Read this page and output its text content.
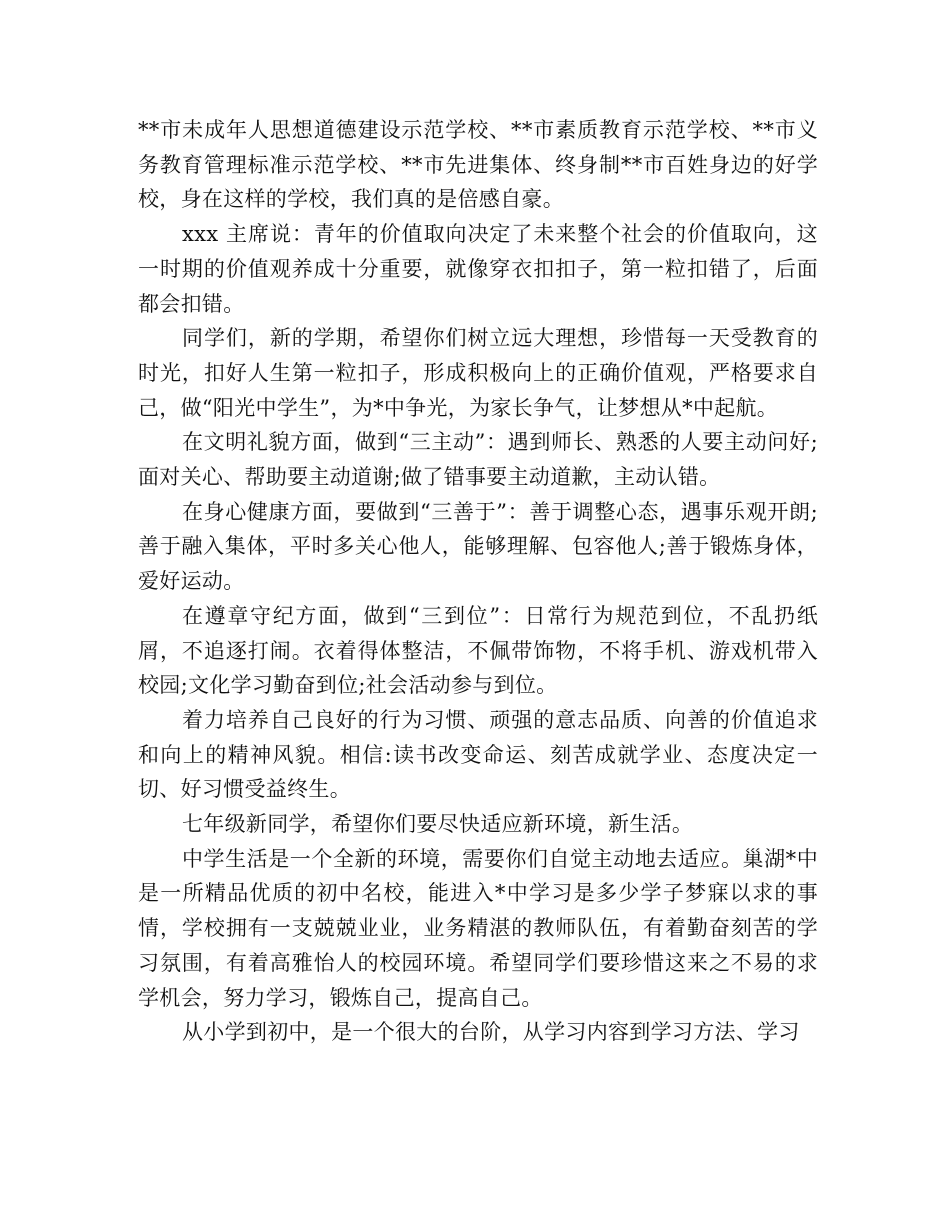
**市未成年人思想道德建设示范学校、**市素质教育示范学校、**市义务教育管理标准示范学校、**市先进集体、终身制**市百姓身边的好学校，身在这样的学校，我们真的是倍感自豪。

xxx 主席说：青年的价值取向决定了未来整个社会的价值取向，这一时期的价值观养成十分重要，就像穿衣扣扣子，第一粒扣错了，后面都会扣错。

同学们，新的学期，希望你们树立远大理想，珍惜每一天受教育的时光，扣好人生第一粒扣子，形成积极向上的正确价值观，严格要求自己，做“阳光中学生”，为*中争光，为家长争气，让梦想从*中起航。

在文明礼貌方面，做到“三主动”：遇到师长、熟悉的人要主动问好;面对关心、帮助要主动道谢;做了错事要主动道歉，主动认错。

在身心健康方面，要做到“三善于”：善于调整心态，遇事乐观开朗;善于融入集体，平时多关心他人，能够理解、包容他人;善于锻炼身体，爱好运动。

在遵章守纪方面，做到“三到位”：日常行为规范到位，不乱扔纸屑，不追逐打闹。衣着得体整洁，不佩带饰物，不将手机、游戏机带入校园;文化学习勤奋到位;社会活动参与到位。

着力培养自己良好的行为习惯、顽强的意志品质、向善的价值追求和向上的精神风貌。相信:读书改变命运、刻苦成就学业、态度决定一切、好习惯受益终生。

七年级新同学，希望你们要尽快适应新环境，新生活。

中学生活是一个全新的环境，需要你们自觉主动地去适应。巢湖*中是一所精品优质的初中名校，能进入*中学习是多少学子梦寐以求的事情，学校拥有一支兢兢业业，业务精湛的教师队伍，有着勤奋刻苦的学习氛围，有着高雅怡人的校园环境。希望同学们要珍惜这来之不易的求学机会，努力学习，锻炼自己，提高自己。

从小学到初中，是一个很大的台阶，从学习内容到学习方法、学习
